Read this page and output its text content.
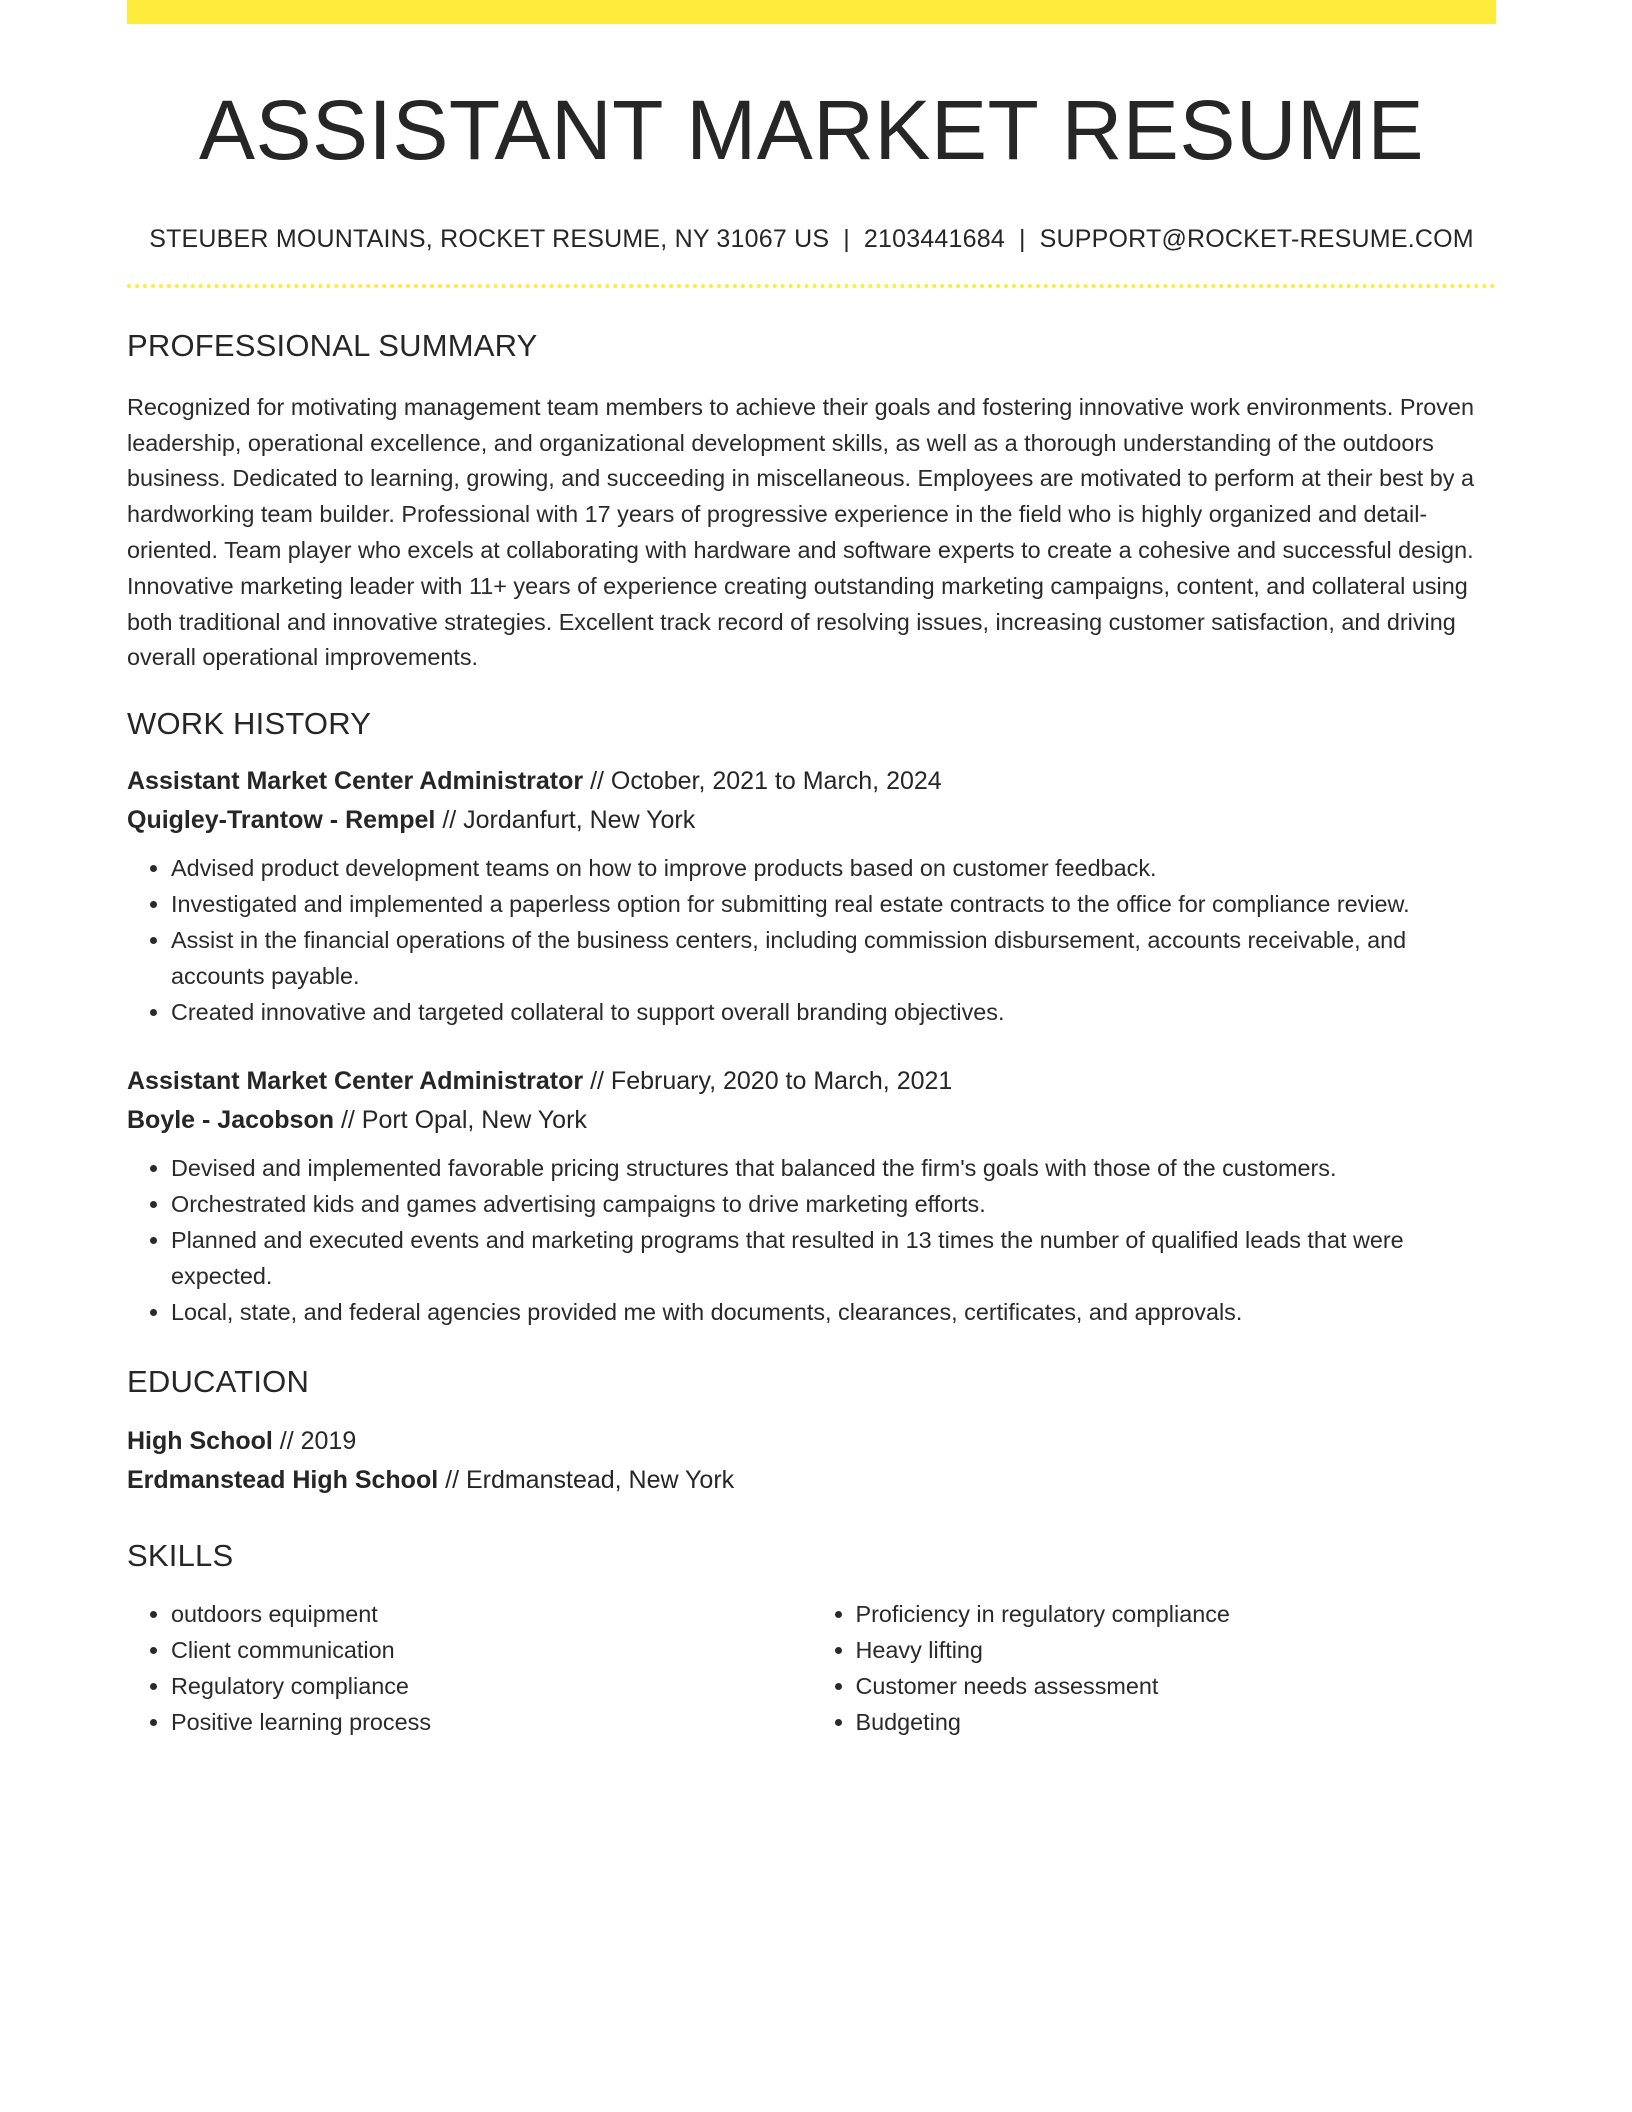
ASSISTANT MARKET RESUME
STEUBER MOUNTAINS, ROCKET RESUME, NY 31067 US | 2103441684 | SUPPORT@ROCKET-RESUME.COM
PROFESSIONAL SUMMARY
Recognized for motivating management team members to achieve their goals and fostering innovative work environments. Proven leadership, operational excellence, and organizational development skills, as well as a thorough understanding of the outdoors business. Dedicated to learning, growing, and succeeding in miscellaneous. Employees are motivated to perform at their best by a hardworking team builder. Professional with 17 years of progressive experience in the field who is highly organized and detail-oriented. Team player who excels at collaborating with hardware and software experts to create a cohesive and successful design. Innovative marketing leader with 11+ years of experience creating outstanding marketing campaigns, content, and collateral using both traditional and innovative strategies. Excellent track record of resolving issues, increasing customer satisfaction, and driving overall operational improvements.
WORK HISTORY
Assistant Market Center Administrator // October, 2021 to March, 2024
Quigley-Trantow - Rempel // Jordanfurt, New York
• Advised product development teams on how to improve products based on customer feedback.
• Investigated and implemented a paperless option for submitting real estate contracts to the office for compliance review.
• Assist in the financial operations of the business centers, including commission disbursement, accounts receivable, and accounts payable.
• Created innovative and targeted collateral to support overall branding objectives.
Assistant Market Center Administrator // February, 2020 to March, 2021
Boyle - Jacobson // Port Opal, New York
• Devised and implemented favorable pricing structures that balanced the firm's goals with those of the customers.
• Orchestrated kids and games advertising campaigns to drive marketing efforts.
• Planned and executed events and marketing programs that resulted in 13 times the number of qualified leads that were expected.
• Local, state, and federal agencies provided me with documents, clearances, certificates, and approvals.
EDUCATION
High School // 2019
Erdmanstead High School // Erdmanstead, New York
SKILLS
• outdoors equipment
• Client communication
• Regulatory compliance
• Positive learning process
• Proficiency in regulatory compliance
• Heavy lifting
• Customer needs assessment
• Budgeting
